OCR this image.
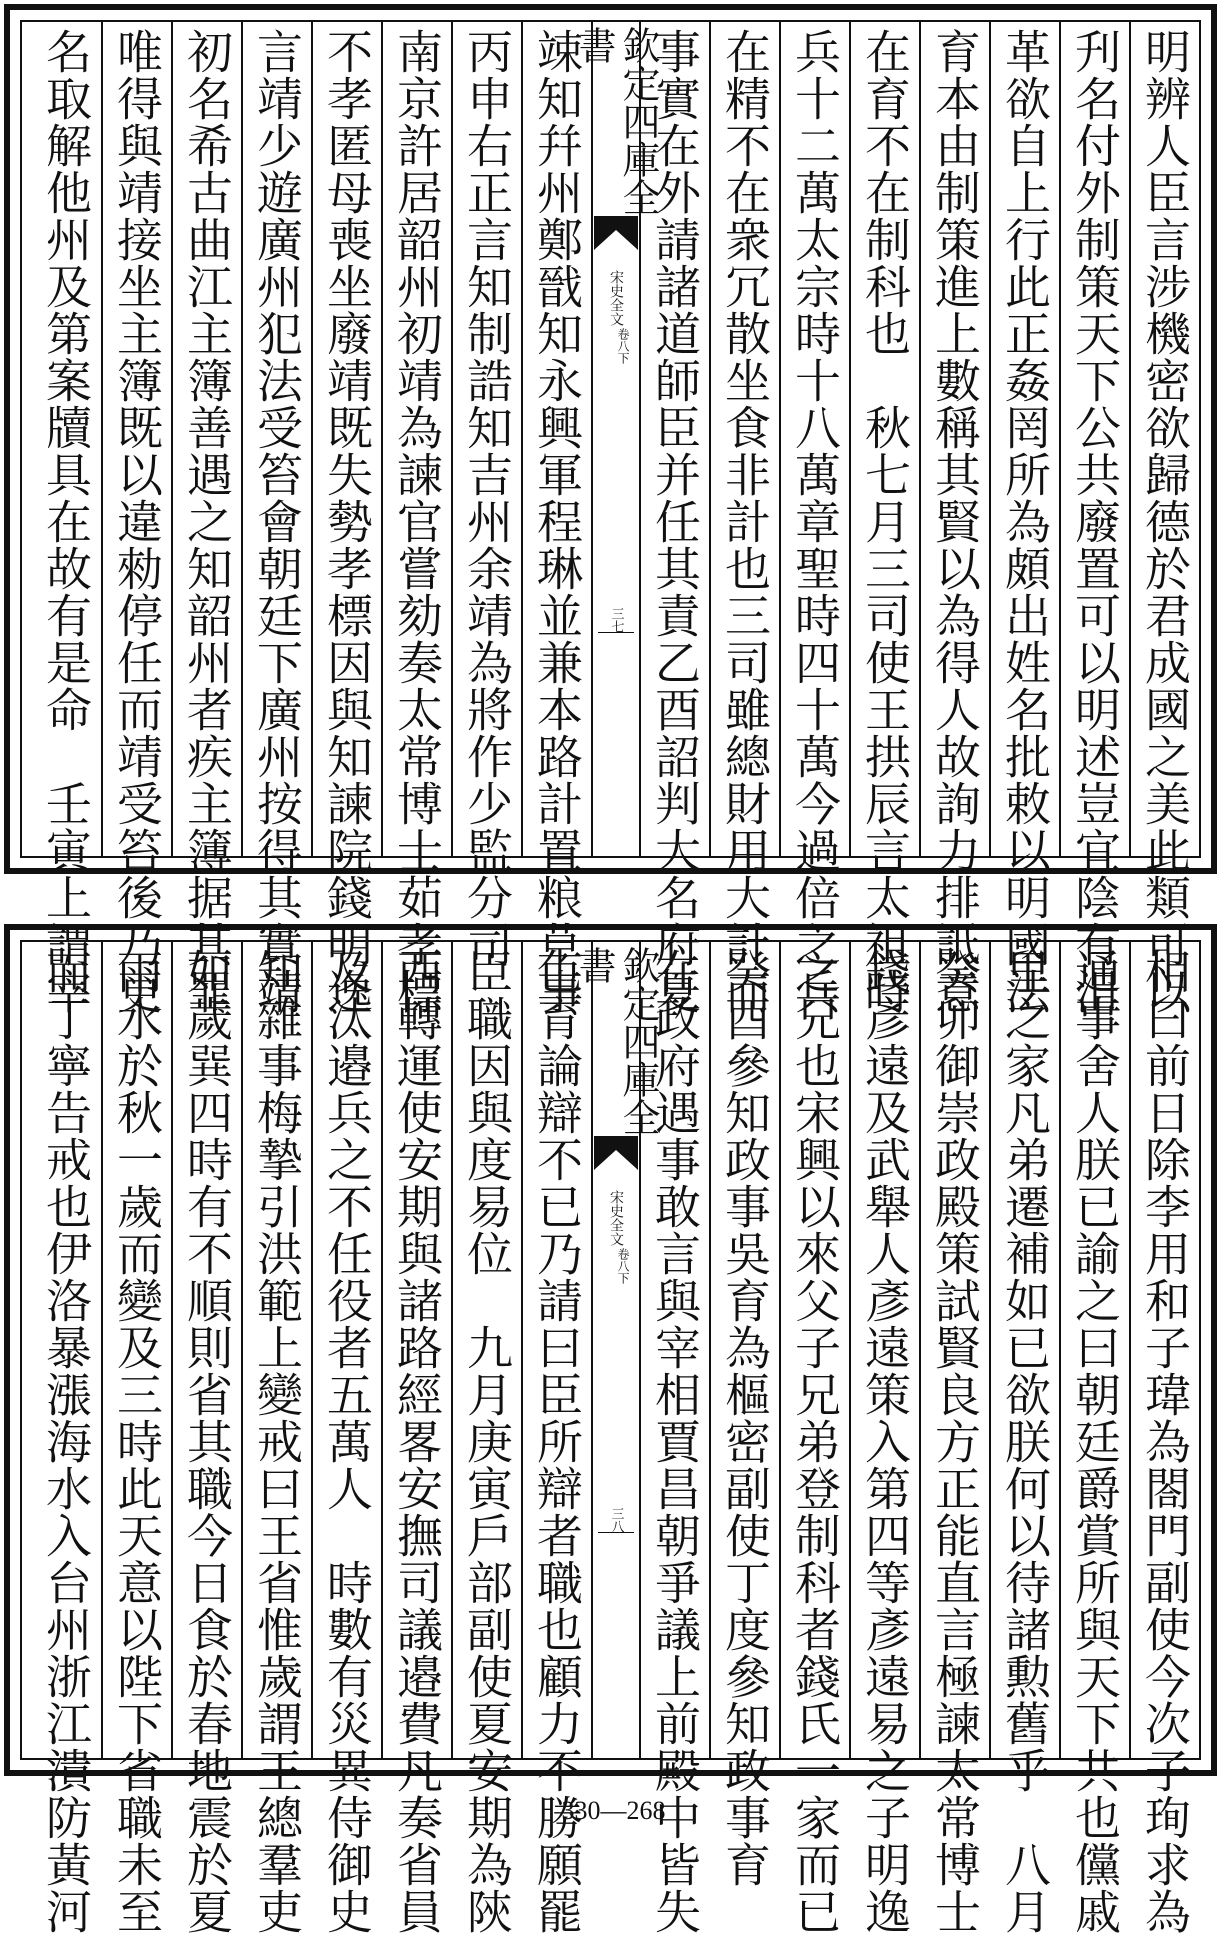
明辨人臣言涉機密欲歸德於君成國之美此類可以
刋名付外制策天下公共廢置可以明述豈宜陰有沮
革欲自上行此正姦罔所為頗出姓名批敕以明國法
育本由制策進上數稱其賢以為得人故詢力排詆意
在育不在制科也　秋七月三司使王拱辰言太祖時
兵十二萬太宗時十八萬章聖時四十萬今過倍之兵
在精不在衆冗散坐食非計也三司雖總財用大計而
事實在外請諸道師臣并任其責乙酉詔判大名府夏
欽定四庫全書
宋史全文
卷八下
三七
竦知幷州鄭戩知永興軍程琳並兼本路計置粮草事
丙申右正言知制誥知吉州余靖為將作少監分司
南京許居韶州初靖為諫官嘗劾奏太常博士茹孝標
不孝匿母喪坐廢靖既失勢孝標因與知諫院錢明逸
言靖少遊廣州犯法受笞會朝廷下廣州按得其實靖
初名希古曲江主簿善遇之知韶州者疾主簿据其罪
唯得與靖接坐主簿既以違勑停任而靖受笞後乃更
名取解他州及第案牘具在故有是命　壬寅上謂宰
相曰前日除李用和子瑋為閤門副使今次子珣求為
通事舍人朕已諭之曰朝廷爵賞所與天下共也儻戚
里之家凡弟遷補如已欲朕何以待諸勲舊乎　八月
癸卯御崇政殿策試賢良方正能直言極諫太常博士
錢彥遠及武舉人彥遠策入第四等彥遠易之子明逸
之兄也宋興以來父子兄弟登制科者錢氏一家而已
癸酉參知政事吳育為樞密副使丁度參知政事育
在政府遇事敢言與宰相賈昌朝爭議上前殿中皆失
欽定四庫全書
宋史全文
卷八下
三八
色育論辯不已乃請曰臣所辯者職也顧力不勝願罷
臣職因與度易位　九月庚寅戶部副使夏安期為陝
西轉運使安期與諸路經畧安撫司議邉費凡奏省員
及汰邉兵之不任役者五萬人　時數有災異侍御史
知雜事梅摯引洪範上變戒曰王省惟歲謂王總羣吏
如歲𢁉四時有不順則省其職今日食於春地震於夏
雨水於秋一歲而變及三時此天意以陛下省職未至
而丁寧告戒也伊洛暴漲海水入台州浙江潰防黃河	330—268
